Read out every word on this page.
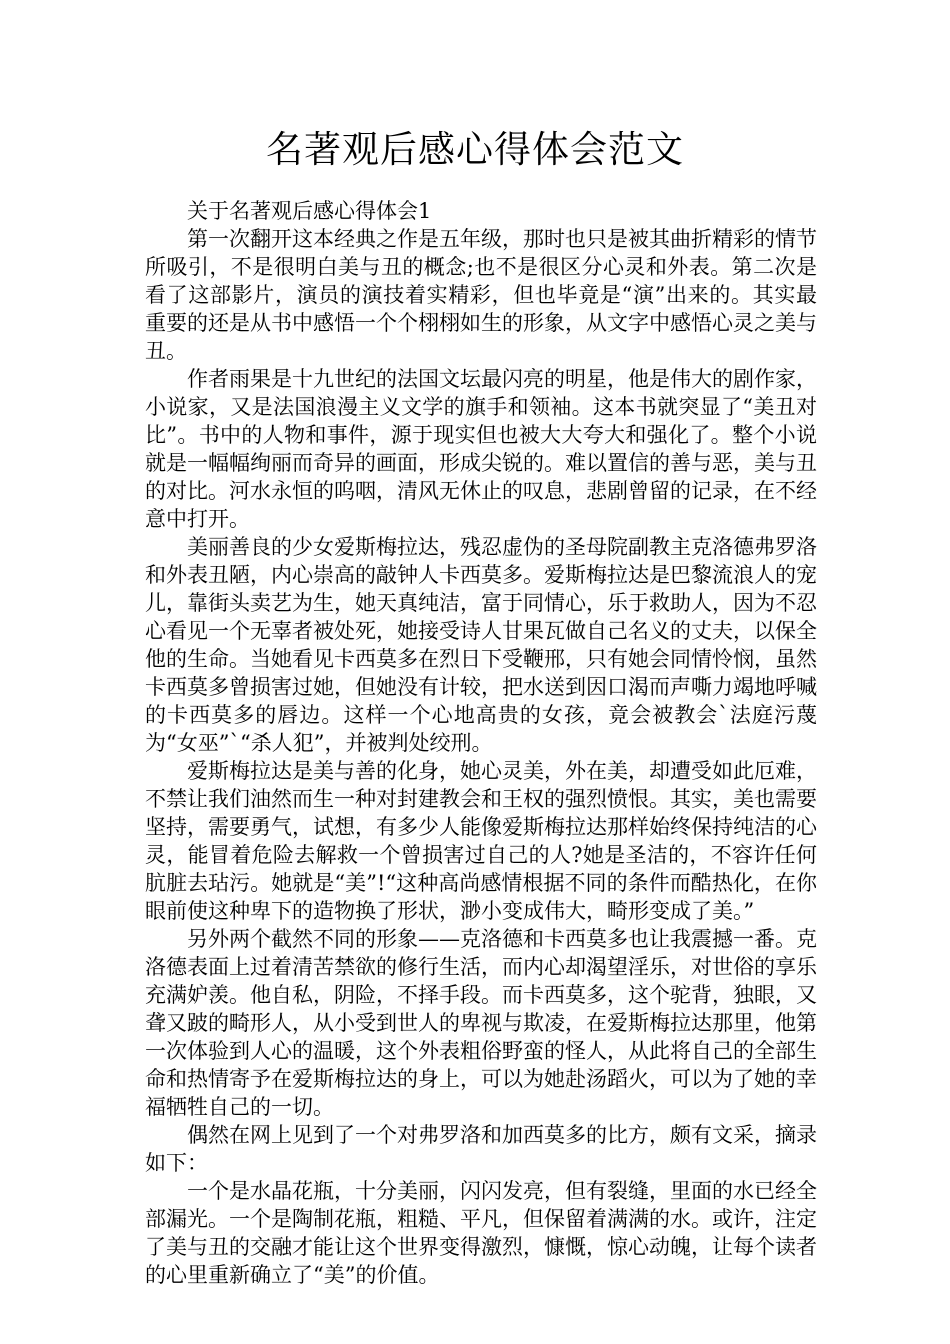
名著观后感心得体会范文

关于名著观后感心得体会1

第一次翻开这本经典之作是五年级，那时也只是被其曲折精彩的情节所吸引，不是很明白美与丑的概念;也不是很区分心灵和外表。第二次是看了这部影片，演员的演技着实精彩，但也毕竟是“演”出来的。其实最重要的还是从书中感悟一个个栩栩如生的形象，从文字中感悟心灵之美与丑。

作者雨果是十九世纪的法国文坛最闪亮的明星，他是伟大的剧作家，小说家，又是法国浪漫主义文学的旗手和领袖。这本书就突显了“美丑对比”。书中的人物和事件，源于现实但也被大大夸大和强化了。整个小说就是一幅幅绚丽而奇异的画面，形成尖锐的。难以置信的善与恶，美与丑的对比。河水永恒的呜咽，清风无休止的叹息，悲剧曾留的记录，在不经意中打开。

美丽善良的少女爱斯梅拉达，残忍虚伪的圣母院副教主克洛德弗罗洛和外表丑陋，内心崇高的敲钟人卡西莫多。爱斯梅拉达是巴黎流浪人的宠儿，靠街头卖艺为生，她天真纯洁，富于同情心，乐于救助人，因为不忍心看见一个无辜者被处死，她接受诗人甘果瓦做自己名义的丈夫，以保全他的生命。当她看见卡西莫多在烈日下受鞭邢，只有她会同情怜悯，虽然卡西莫多曾损害过她，但她没有计较，把水送到因口渴而声嘶力竭地呼喊的卡西莫多的唇边。这样一个心地高贵的女孩，竟会被教会`法庭污蔑为“女巫”`“杀人犯”，并被判处绞刑。

爱斯梅拉达是美与善的化身，她心灵美，外在美，却遭受如此厄难，不禁让我们油然而生一种对封建教会和王权的强烈愤恨。其实，美也需要坚持，需要勇气，试想，有多少人能像爱斯梅拉达那样始终保持纯洁的心灵，能冒着危险去解救一个曾损害过自己的人?她是圣洁的，不容许任何肮脏去玷污。她就是“美”!“这种高尚感情根据不同的条件而酷热化，在你眼前使这种卑下的造物换了形状，渺小变成伟大，畸形变成了美。”

另外两个截然不同的形象——克洛德和卡西莫多也让我震撼一番。克洛德表面上过着清苦禁欲的修行生活，而内心却渴望淫乐，对世俗的享乐充满妒羡。他自私，阴险，不择手段。而卡西莫多，这个驼背，独眼，又聋又跛的畸形人，从小受到世人的卑视与欺凌，在爱斯梅拉达那里，他第一次体验到人心的温暖，这个外表粗俗野蛮的怪人，从此将自己的全部生命和热情寄予在爱斯梅拉达的身上，可以为她赴汤蹈火，可以为了她的幸福牺牲自己的一切。

偶然在网上见到了一个对弗罗洛和加西莫多的比方，颇有文采，摘录如下：

一个是水晶花瓶，十分美丽，闪闪发亮，但有裂缝，里面的水已经全部漏光。一个是陶制花瓶，粗糙、平凡，但保留着满满的水。或许，注定了美与丑的交融才能让这个世界变得激烈，慷慨，惊心动魄，让每个读者的心里重新确立了“美”的价值。
